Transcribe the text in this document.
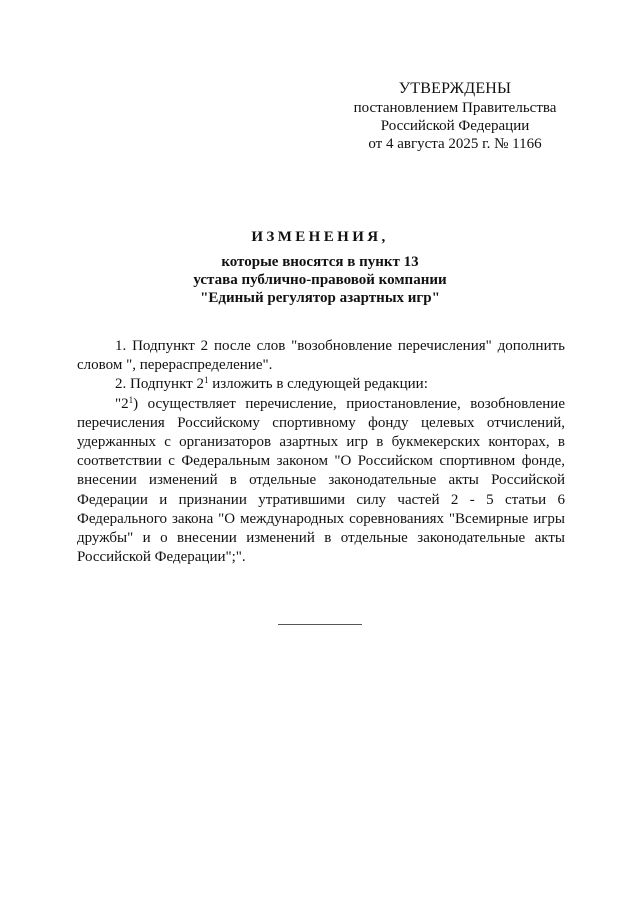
УТВЕРЖДЕНЫ
постановлением Правительства
Российской Федерации
от 4 августа 2025 г. № 1166
ИЗМЕНЕНИЯ,
которые вносятся в пункт 13
устава публично-правовой компании
"Единый регулятор азартных игр"

1. Подпункт 2 после слов "возобновление перечисления" дополнить словом ", перераспределение".

2. Подпункт $2^1$ изложить в следующей редакции:

"$2^1$) осуществляет перечисление, приостановление, возобновление перечисления Российскому спортивному фонду целевых отчислений, удержанных с организаторов азартных игр в букмекерских конторах, в соответствии с Федеральным законом "О Российском спортивном фонде, внесении изменений в отдельные законодательные акты Российской Федерации и признании утратившими силу частей 2 - 5 статьи 6 Федерального закона "О международных соревнованиях "Всемирные игры дружбы" и о внесении изменений в отдельные законодательные акты Российской Федерации";".
